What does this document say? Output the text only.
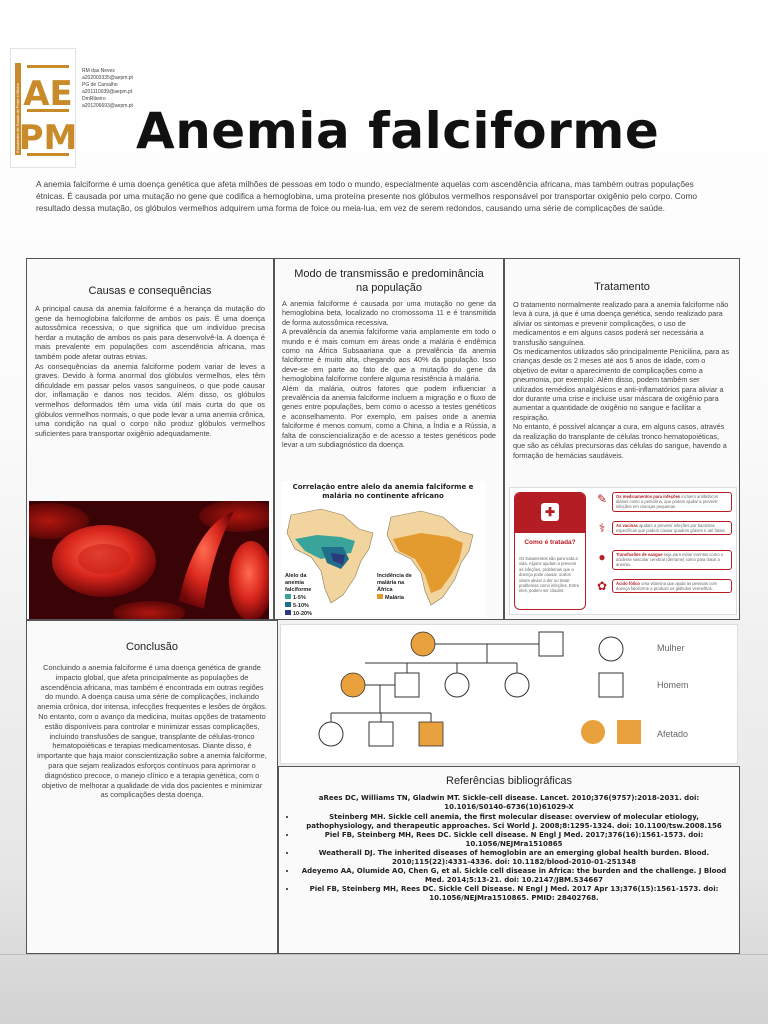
AE
PM
Estudantes de Saúde do Porto e Minho
RM das Neves
a202003335@aepm.pt
PG de Carvalho
a201110039@aepm.pt
DmRibeiro
a201206693@aepm.pt Anemia falciforme
A anemia falciforme é uma doença genética que afeta milhões de pessoas em todo o mundo, especialmente aquelas com ascendência africana, mas também outras populações étnicas. É causada por uma mutação no gene que codifica a hemoglobina, uma proteína presente nos glóbulos vermelhos responsável por transportar oxigênio pelo corpo. Como resultado dessa mutação, os glóbulos vermelhos adquirem uma forma de foice ou meia-lua, em vez de serem redondos, causando uma série de complicações de saúde.
Causas e consequências
A principal causa da anemia falciforme é a herança da mutação do gene da hemoglobina falciforme de ambos os pais. É uma doença autossômica recessiva, o que significa que um indivíduo precisa herdar a mutação de ambos os pais para desenvolvê-la. A doença é mais prevalente em populações com ascendência africana, mas também pode afetar outras etnias.
As consequências da anemia falciforme podem variar de leves a graves. Devido à forma anormal dos glóbulos vermelhos, eles têm dificuldade em passar pelos vasos sanguíneos, o que pode causar dor, inflamação e danos nos tecidos. Além disso, os glóbulos vermelhos deformados têm uma vida útil mais curta do que os glóbulos vermelhos normais, o que pode levar a uma anemia crônica, uma condição na qual o corpo não produz glóbulos vermelhos suficientes para transportar oxigênio adequadamente.
Modo de transmissão e predominância na população
A anemia falciforme é causada por uma mutação no gene da hemoglobina beta, localizado no cromossoma 11 e é transmitida de forma autossômica recessiva.
A prevalência da anemia falciforme varia amplamente em todo o mundo e é mais comum em áreas onde a malária é endêmica como na África Subsaariana que a prevalência da anemia falciforme é muito alta, chegando aos 40% da população. Isso deve-se em parte ao fato de que a mutação do gene da hemoglobina falciforme confere alguma resistência à malária.
Além da malária, outros fatores que podem influenciar a prevalência da anemia falciforme incluem a migração e o fluxo de genes entre populações, bem como o acesso a testes genéticos e aconselhamento. Por exemplo, em países onde a anemia falciforme é menos comum, como a China, a Índia e a Rússia, a falta de consciencialização e de acesso a testes genéticos pode levar a um subdiagnóstico da doença.
Correlação entre alelo da anemia falciforme e malária no continente africano
Alelo da anemia falciforme
1-5%
5-10%
10-20%
Incidência de malária na África
Malária
Tratamento
O tratamento normalmente realizado para a anemia falciforme não leva à cura, já que é uma doença genética, sendo realizado para aliviar os sintomas e prevenir complicações, o uso de medicamentos e em alguns casos poderá ser necessária a transfusão sanguínea.
Os medicamentos utilizados são principalmente Penicilina, para as crianças desde os 2 meses até aos 5 anos de idade, com o objetivo de evitar o aparecimento de complicações como a pneumonia, por exemplo. Além disso, podem também ser utilizados remédios analgésicos e anti-inflamatórios para aliviar a dor durante uma crise e incluise usar máscara de oxigênio para aumentar a quantidade de oxigênio no sangue e facilitar a respiração.
No entanto, é possível alcançar a cura, em alguns casos, através da realização do transplante de células tronco hematopoiéticas, que são as células precursoras das células do sangue, havendo a formação de hemácias saudáveis.
✚
Como é tratada?
Os tratamentos são para toda a vida. Alguns ajudam a prevenir as infeções, problemas que a doença pode causar, outros visam aliviar a dor ou tratar problemas como infeções. Entre eles, podem ser citados:
✎	Os medicamentos para infeções incluem antibióticos diários como a penicilina, que podem ajudar a prevenir infeções em crianças pequenas.
⚕	As vacinas ajudam a prevenir infeções por bactérias específicas que podem causar quadros graves e até fatais.
●	Transfusões de sangue seja para evitar eventos como o acidente vascular cerebral (derrame) como para tratar a anemia.
✿	Ácido fólico uma vitamina que ajuda as pessoas com doença falciforme a produzir os glóbulos vermelhos.
Conclusão
Concluindo a anemia falciforme é uma doença genética de grande impacto global, que afeta principalmente as populações de ascendência africana, mas também é encontrada em outras regiões do mundo. A doença causa uma série de complicações, incluindo anemia crônica, dor intensa, infecções frequentes e lesões de órgãos. No entanto, com o avanço da medicina, muitas opções de tratamento estão disponíveis para controlar e minimizar essas complicações, incluindo transfusões de sangue, transplante de células-tronco hematopoiéticas e terapias medicamentosas. Diante disso, é importante que haja maior conscientização sobre a anemia falciforme, para que sejam realizados esforços contínuos para aprimorar o diagnóstico precoce, o manejo clínico e a terapia genética, com o objetivo de melhorar a qualidade de vida dos pacientes e minimizar as complicações desta doença.
Mulher
Homem
Afetado
Referências bibliográficas
aRees DC, Williams TN, Gladwin MT. Sickle-cell disease. Lancet. 2010;376(9757):2018-2031. doi: 10.1016/S0140-6736(10)61029-X
• Steinberg MH. Sickle cell anemia, the first molecular disease: overview of molecular etiology, pathophysiology, and therapeutic approaches. Sci World J. 2008;8:1295-1324. doi: 10.1100/tsw.2008.156
• Piel FB, Steinberg MH, Rees DC. Sickle cell disease. N Engl J Med. 2017;376(16):1561-1573. doi: 10.1056/NEJMra1510865
• Weatherall DJ. The inherited diseases of hemoglobin are an emerging global health burden. Blood. 2010;115(22):4331-4336. doi: 10.1182/blood-2010-01-251348
• Adeyemo AA, Olumide AO, Chen G, et al. Sickle cell disease in Africa: the burden and the challenge. J Blood Med. 2014;5:13-21. doi: 10.2147/JBM.S34667
• Piel FB, Steinberg MH, Rees DC. Sickle Cell Disease. N Engl J Med. 2017 Apr 13;376(15):1561-1573. doi: 10.1056/NEJMra1510865. PMID: 28402768.
